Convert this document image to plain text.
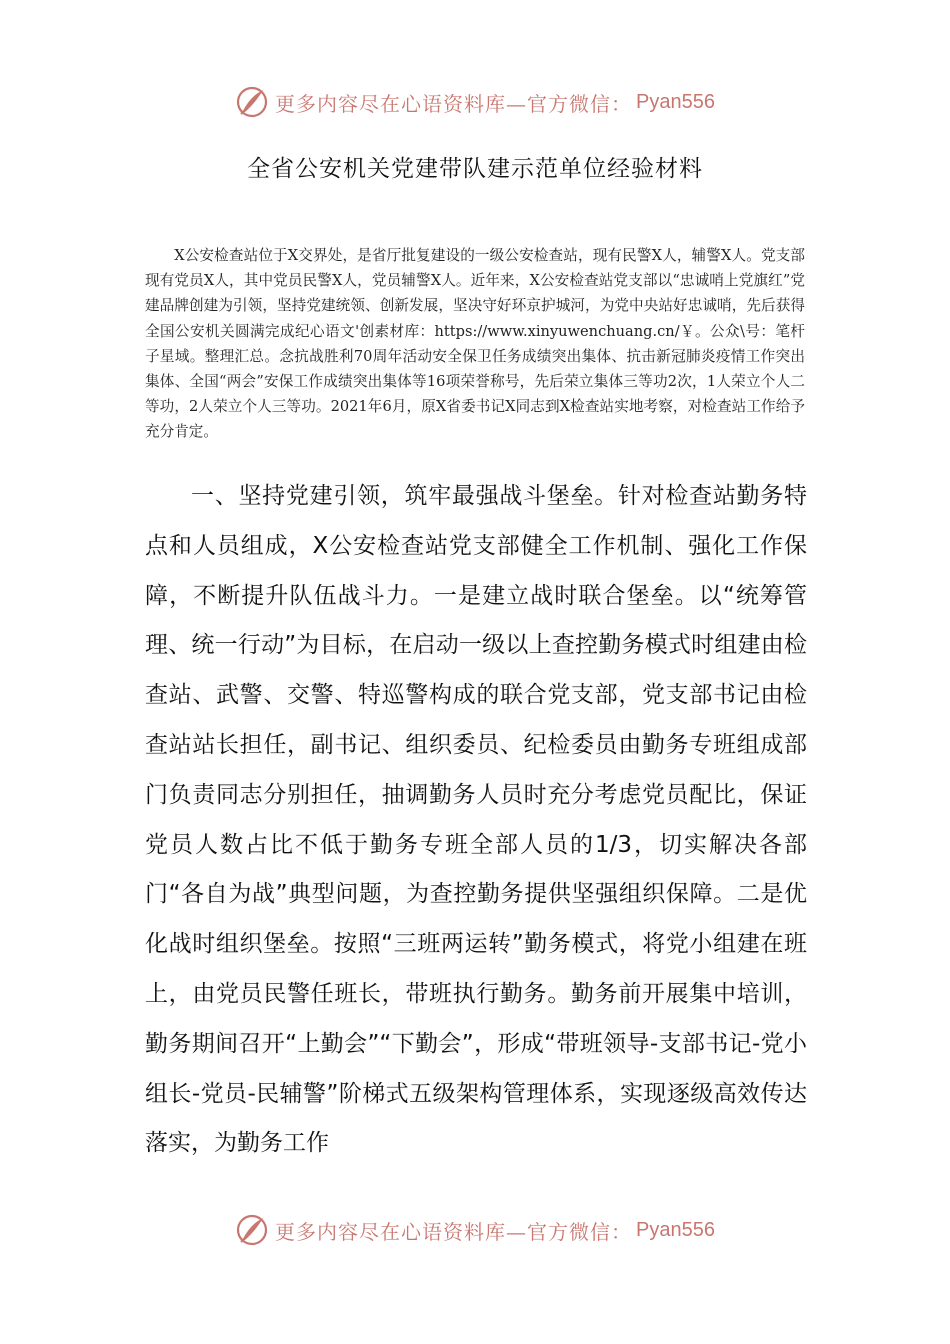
更多内容尽在心语资料库—官方微信： Pyan556
全省公安机关党建带队建示范单位经验材料

X公安检查站位于X交界处，是省厅批复建设的一级公安检查站，现有民警X人，辅警X人。党支部现有党员X人，其中党员民警X人，党员辅警X人。近年来，X公安检查站党支部以“忠诚哨上党旗红”党建品牌创建为引领，坚持党建统领、创新发展，坚决守好环京护城河，为党中央站好忠诚哨，先后获得全国公安机关圆满完成纪心语文'创素材库：https://www.xinyuwenchuang.cn/￥。公众\号：笔杆子星域。整理汇总。念抗战胜利70周年活动安全保卫任务成绩突出集体、抗击新冠肺炎疫情工作突出集体、全国“两会”安保工作成绩突出集体等16项荣誉称号，先后荣立集体三等功2次，1人荣立个人二等功，2人荣立个人三等功。2021年6月，原X省委书记X同志到X检查站实地考察，对检查站工作给予充分肯定。

一、坚持党建引领，筑牢最强战斗堡垒。针对检查站勤务特点和人员组成，X公安检查站党支部健全工作机制、强化工作保障，不断提升队伍战斗力。一是建立战时联合堡垒。以“统筹管理、统一行动”为目标，在启动一级以上查控勤务模式时组建由检查站、武警、交警、特巡警构成的联合党支部，党支部书记由检查站站长担任，副书记、组织委员、纪检委员由勤务专班组成部门负责同志分别担任，抽调勤务人员时充分考虑党员配比，保证党员人数占比不低于勤务专班全部人员的1/3，切实解决各部门“各自为战”典型问题，为查控勤务提供坚强组织保障。二是优化战时组织堡垒。按照“三班两运转”勤务模式，将党小组建在班上，由党员民警任班长，带班执行勤务。勤务前开展集中培训，勤务期间召开“上勤会”“下勤会”，形成“带班领导-支部书记-党小组长-党员-民辅警”阶梯式五级架构管理体系，实现逐级高效传达落实，为勤务工作

更多内容尽在心语资料库—官方微信： Pyan556
